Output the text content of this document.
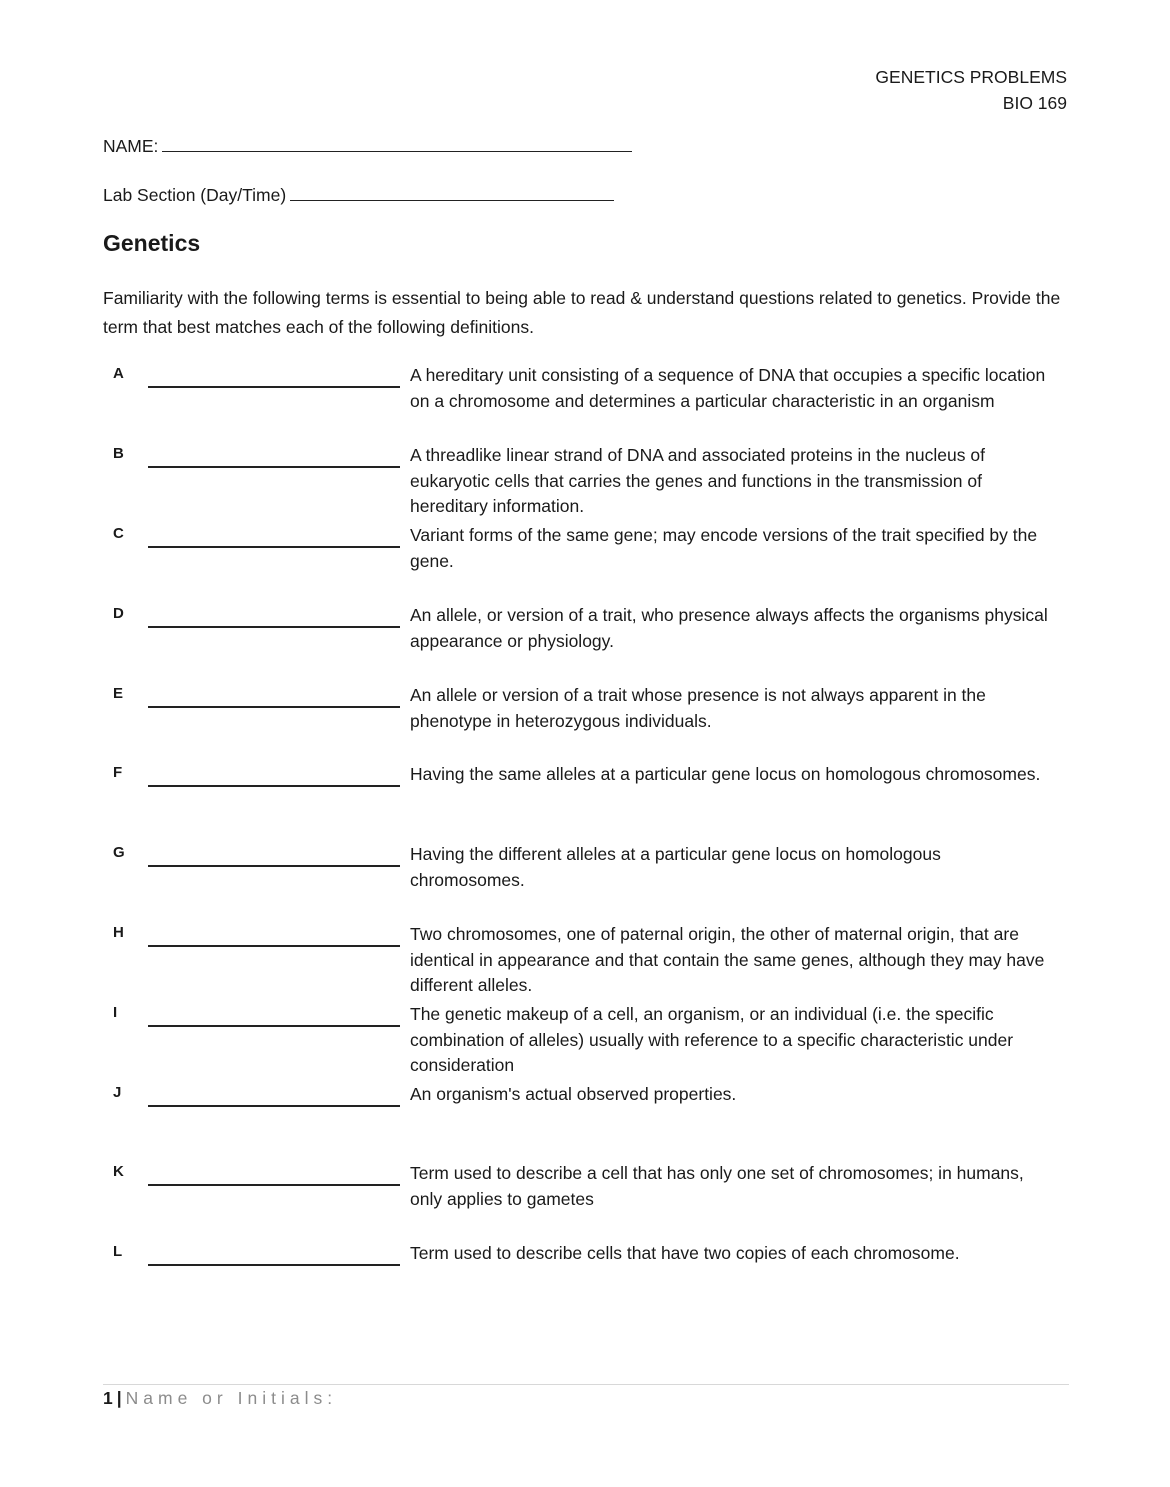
GENETICS PROBLEMS
BIO 169
NAME:
Lab Section (Day/Time)
Genetics
Familiarity with the following terms is essential to being able to read & understand questions related to genetics. Provide the term that best matches each of the following definitions.
A	A hereditary unit consisting of a sequence of DNA that occupies a specific location on a chromosome and determines a particular characteristic in an organism
B	A threadlike linear strand of DNA and associated proteins in the nucleus of eukaryotic cells that carries the genes and functions in the transmission of hereditary information.
C	Variant forms of the same gene; may encode versions of the trait specified by the gene.
D	An allele, or version of a trait, who presence always affects the organisms physical appearance or physiology.
E	An allele or version of a trait whose presence is not always apparent in the phenotype in heterozygous individuals.
F	Having the same alleles at a particular gene locus on homologous chromosomes.
G	Having the different alleles at a particular gene locus on homologous chromosomes.
H	Two chromosomes, one of paternal origin, the other of maternal origin, that are identical in appearance and that contain the same genes, although they may have different alleles.
I	The genetic makeup of a cell, an organism, or an individual (i.e. the specific combination of alleles) usually with reference to a specific characteristic under consideration
J	An organism's actual observed properties.
K	Term used to describe a cell that has only one set of chromosomes; in humans, only applies to gametes
L	Term used to describe cells that have two copies of each chromosome.
1 | Name or Initials:
